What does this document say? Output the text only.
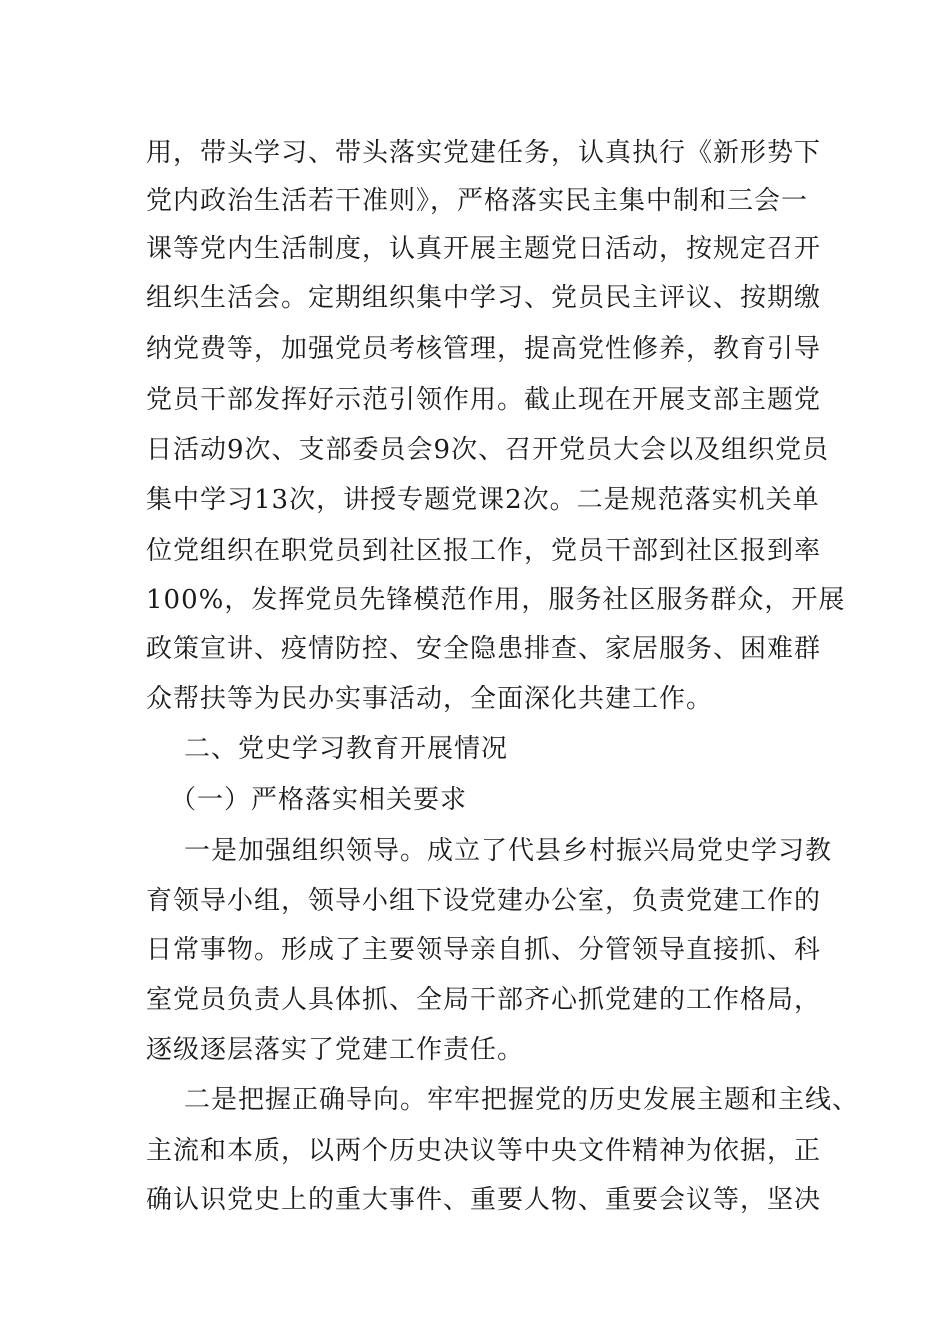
用，带头学习、带头落实党建任务，认真执行《新形势下
党内政治生活若干准则》，严格落实民主集中制和三会一
课等党内生活制度，认真开展主题党日活动，按规定召开
组织生活会。定期组织集中学习、党员民主评议、按期缴
纳党费等，加强党员考核管理，提高党性修养，教育引导
党员干部发挥好示范引领作用。截止现在开展支部主题党
日活动9次、支部委员会9次、召开党员大会以及组织党员
集中学习13次，讲授专题党课2次。二是规范落实机关单
位党组织在职党员到社区报工作，党员干部到社区报到率
100%，发挥党员先锋模范作用，服务社区服务群众，开展
政策宣讲、疫情防控、安全隐患排查、家居服务、困难群
众帮扶等为民办实事活动，全面深化共建工作。
二、党史学习教育开展情况
（一）严格落实相关要求
一是加强组织领导。成立了代县乡村振兴局党史学习教
育领导小组，领导小组下设党建办公室，负责党建工作的
日常事物。形成了主要领导亲自抓、分管领导直接抓、科
室党员负责人具体抓、全局干部齐心抓党建的工作格局，
逐级逐层落实了党建工作责任。
二是把握正确导向。牢牢把握党的历史发展主题和主线、
主流和本质，以两个历史决议等中央文件精神为依据，正
确认识党史上的重大事件、重要人物、重要会议等，坚决
